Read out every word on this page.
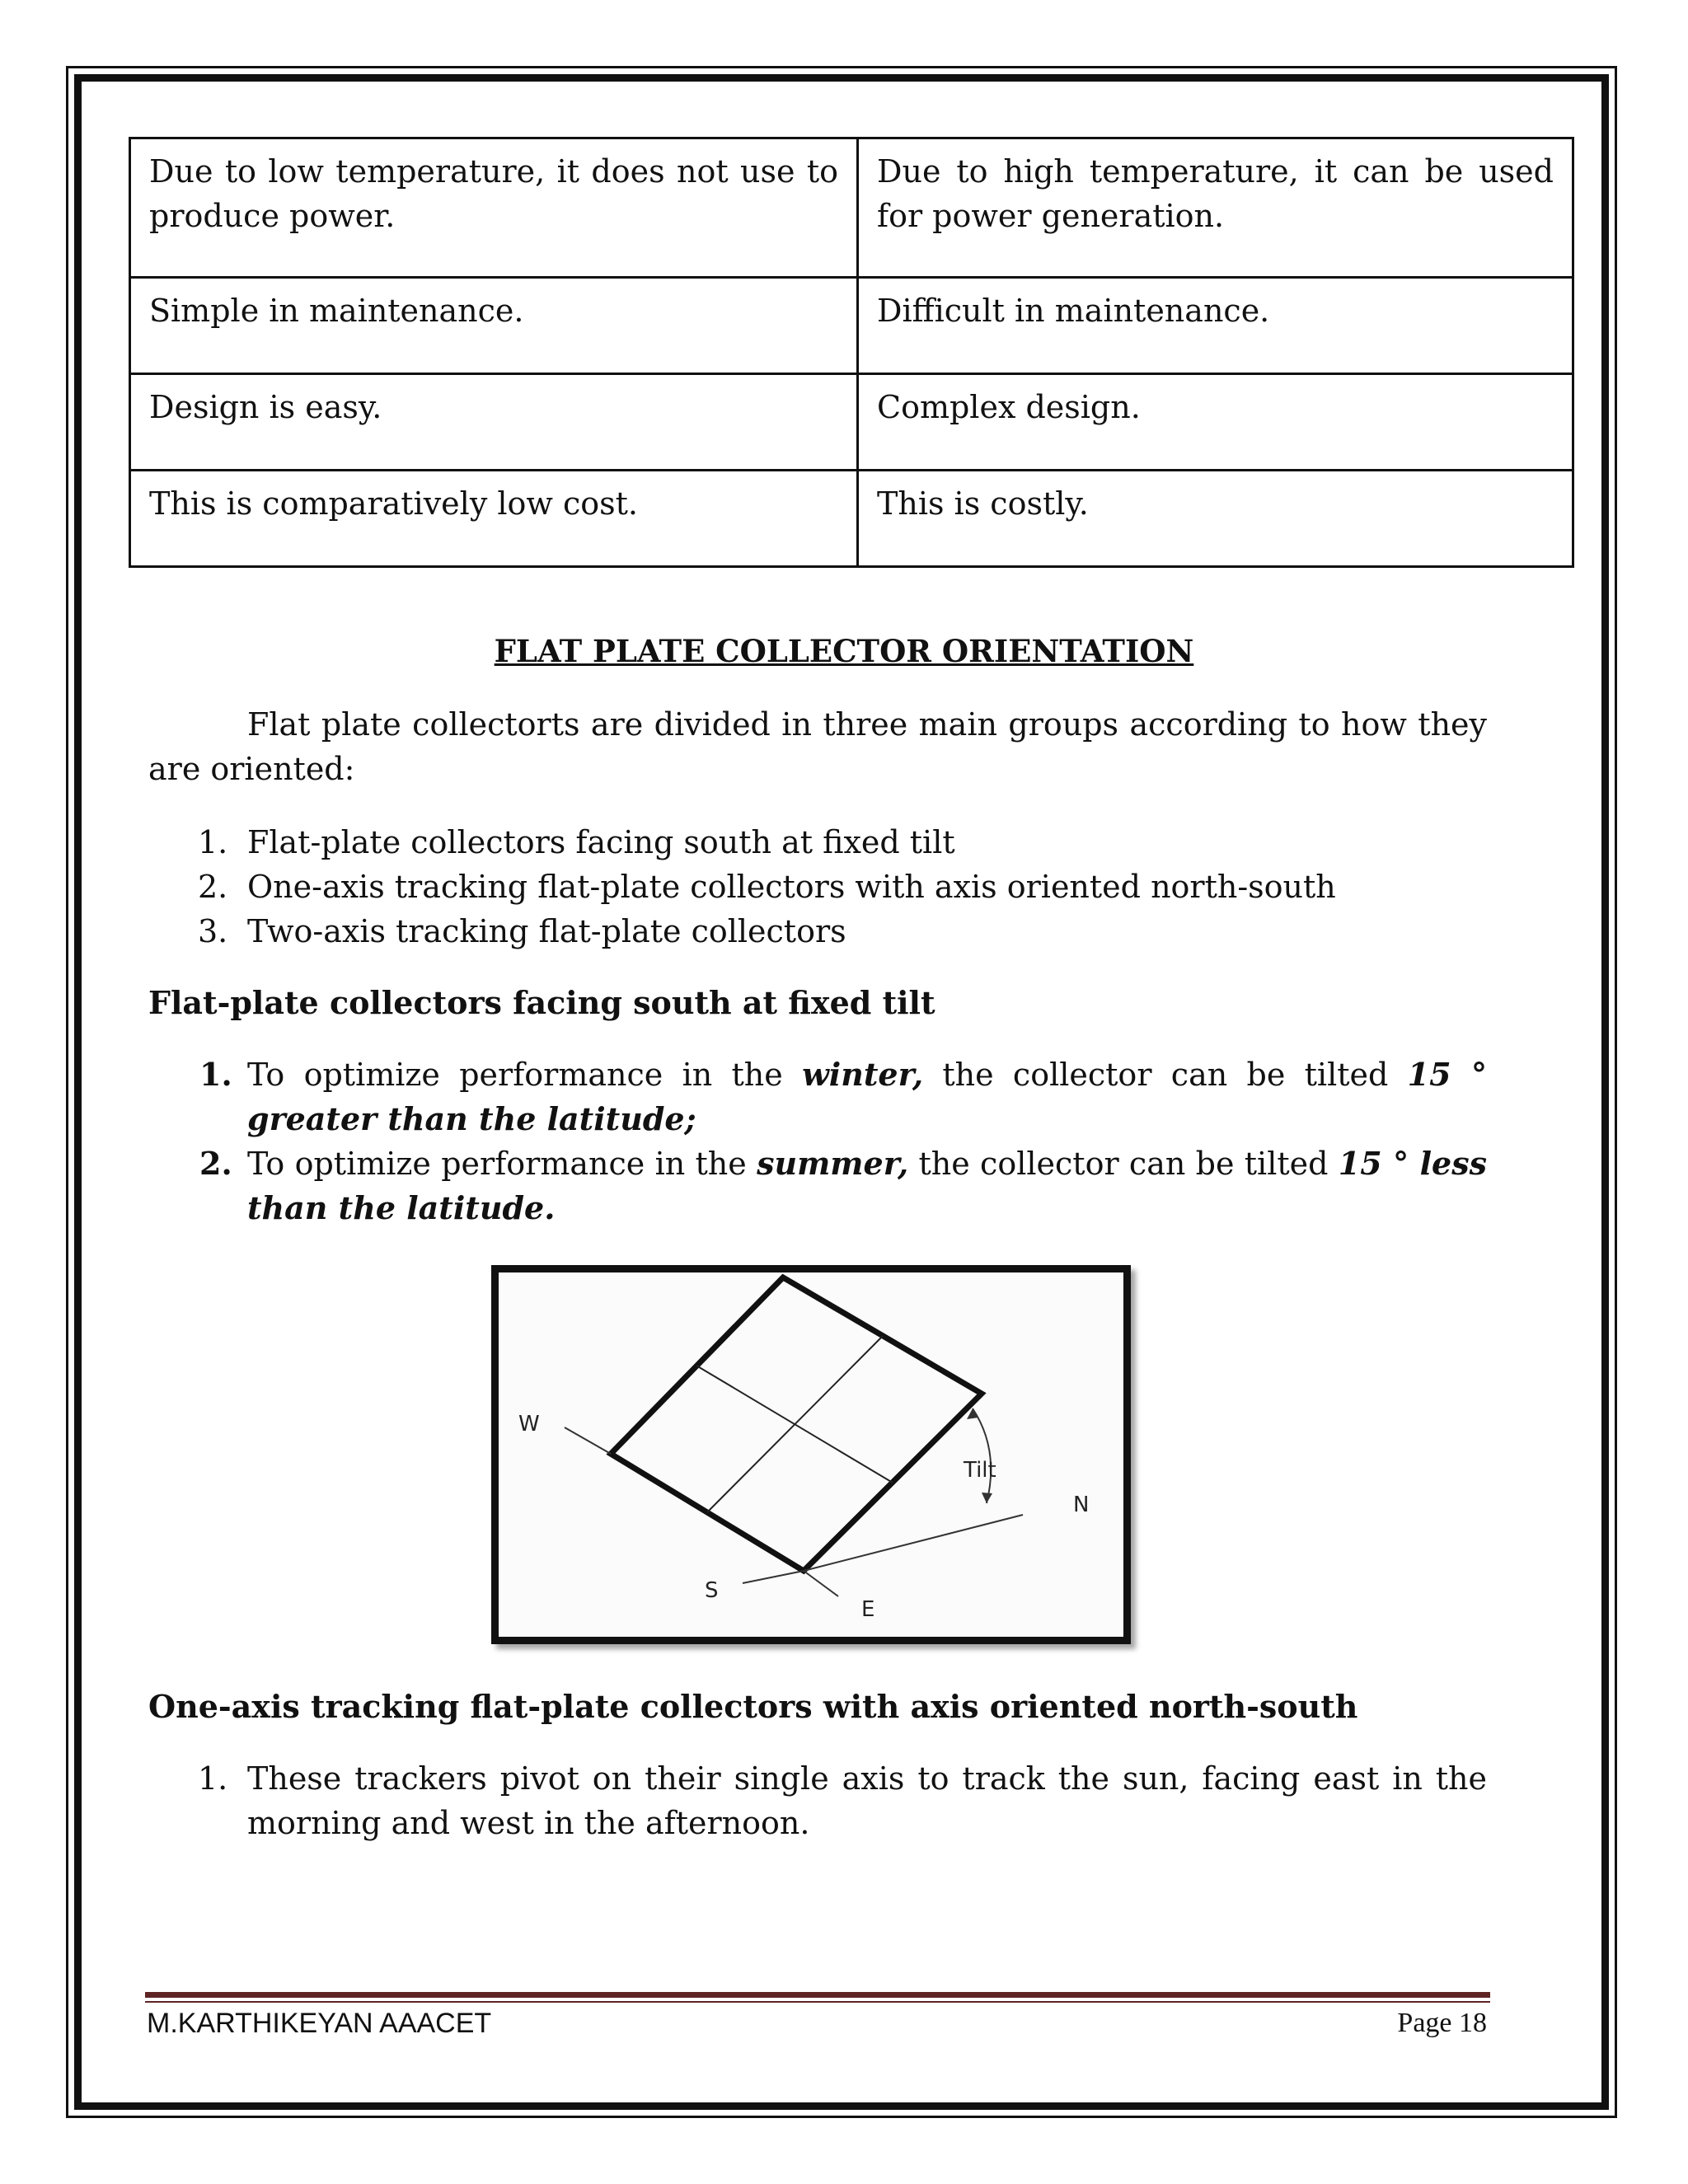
Due to low temperature, it does not use to produce power.	Due to high temperature, it can be used for power generation.
Simple in maintenance.	Difficult in maintenance.
Design is easy.	Complex design.
This is comparatively low cost.	This is costly.
FLAT PLATE COLLECTOR ORIENTATION

Flat plate collectorts are divided in three main groups according to how they are oriented:

1. Flat-plate collectors facing south at fixed tilt
2. One-axis tracking flat-plate collectors with axis oriented north-south
3. Two-axis tracking flat-plate collectors
Flat-plate collectors facing south at fixed tilt
1. To optimize performance in the winter, the collector can be tilted 15 ° greater than the latitude;
2. To optimize performance in the summer, the collector can be tilted 15 ° less than the latitude.
W
S
E
N
Tilt
One-axis tracking flat-plate collectors with axis oriented north-south
1. These trackers pivot on their single axis to track the sun, facing east in the morning and west in the afternoon.
M.KARTHIKEYAN AAACET	Page 18
